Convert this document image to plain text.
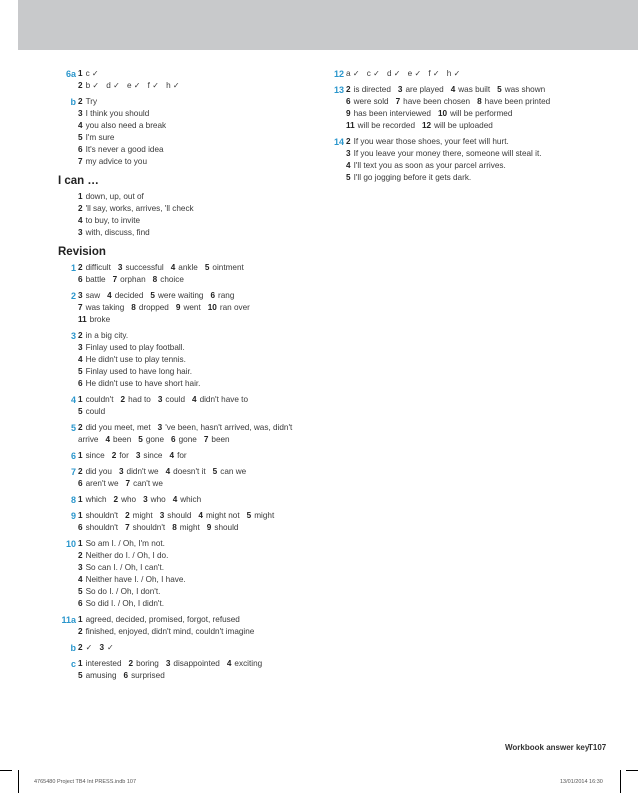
6a 1 c ✓
2 b ✓ d ✓ e ✓ f ✓ h ✓
b 2 Try
3 I think you should
4 you also need a break
5 I'm sure
6 It's never a good idea
7 my advice to you
I can …
1 down, up, out of
2 'll say, works, arrives, 'll check
4 to buy, to invite
3 with, discuss, find
Revision
1 2 difficult 3 successful 4 ankle 5 ointment
6 battle 7 orphan 8 choice
2 3 saw 4 decided 5 were waiting 6 rang
7 was taking 8 dropped 9 went 10 ran over
11 broke
3 2 in a big city.
3 Finlay used to play football.
4 He didn't use to play tennis.
5 Finlay used to have long hair.
6 He didn't use to have short hair.
4 1 couldn't 2 had to 3 could 4 didn't have to
5 could
5 2 did you meet, met 3 've been, hasn't arrived, was, didn't
arrive 4 been 5 gone 6 gone 7 been
6 1 since 2 for 3 since 4 for
7 2 did you 3 didn't we 4 doesn't it 5 can we
6 aren't we 7 can't we
8 1 which 2 who 3 who 4 which
9 1 shouldn't 2 might 3 should 4 might not 5 might
6 shouldn't 7 shouldn't 8 might 9 should
10 1 So am I. / Oh, I'm not.
2 Neither do I. / Oh, I do.
3 So can I. / Oh, I can't.
4 Neither have I. / Oh, I have.
5 So do I. / Oh, I don't.
6 So did I. / Oh, I didn't.
11a 1 agreed, decided, promised, forgot, refused
2 finished, enjoyed, didn't mind, couldn't imagine
b 2 ✓ 3 ✓
c 1 interested 2 boring 3 disappointed 4 exciting
5 amusing 6 surprised
12 a ✓ c ✓ d ✓ e ✓ f ✓ h ✓
13 2 is directed 3 are played 4 was built 5 was shown
6 were sold 7 have been chosen 8 have been printed
9 has been interviewed 10 will be performed
11 will be recorded 12 will be uploaded
14 2 If you wear those shoes, your feet will hurt.
3 If you leave your money there, someone will steal it.
4 I'll text you as soon as your parcel arrives.
5 I'll go jogging before it gets dark.
Workbook answer key
T107
4765480 Project TB4 Int PRESS.indb 107	13/01/2014 16:30
